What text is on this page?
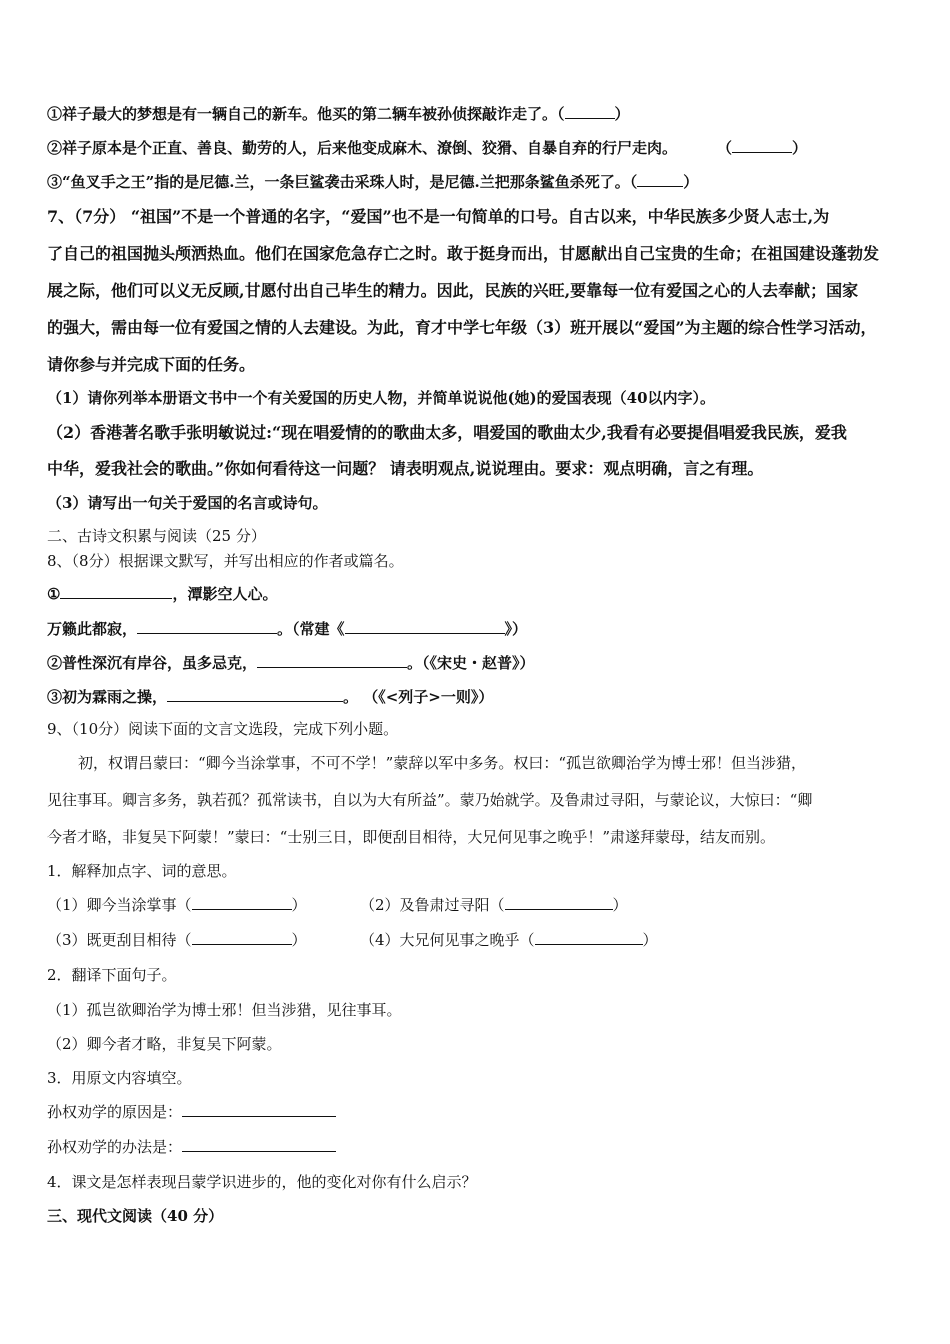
①祥子最大的梦想是有一辆自己的新车。他买的第二辆车被孙侦探敲诈走了。（	）
②祥子原本是个正直、善良、勤劳的人，后来他变成麻木、潦倒、狡猾、自暴自弃的行尸走肉。	（	）
③“鱼叉手之王”指的是尼德.兰，一条巨鲨袭击采珠人时，是尼德.兰把那条鲨鱼杀死了。（	）
7、（7分） “祖国”不是一个普通的名字，“爱国”也不是一句简单的口号。自古以来，中华民族多少贤人志士,为
了自己的祖国抛头颅洒热血。他们在国家危急存亡之时。敢于挺身而出，甘愿献出自己宝贵的生命；在祖国建设蓬勃发
展之际，他们可以义无反顾,甘愿付出自己毕生的精力。因此，民族的兴旺,要靠每一位有爱国之心的人去奉献；国家
的强大，需由每一位有爱国之情的人去建设。为此，育才中学七年级（3）班开展以“爱国”为主题的综合性学习活动，
请你参与并完成下面的任务。
（1）请你列举本册语文书中一个有关爱国的历史人物，并简单说说他(她)的爱国表现（40以内字）。
（2）香港著名歌手张明敏说过:“现在唱爱情的的歌曲太多，唱爱国的歌曲太少,我看有必要提倡唱爱我民族，爱我
中华，爱我社会的歌曲。”你如何看待这一问题？ 请表明观点,说说理由。要求：观点明确，言之有理。
（3）请写出一句关于爱国的名言或诗句。
二、古诗文积累与阅读（25 分）
8、（8分）根据课文默写，并写出相应的作者或篇名。
①	，潭影空人心。
万籁此都寂，	。（常建《	》）
②普性深沉有岸谷，虽多忌克，	。（《宋史・赵普》）
③初为霖雨之操，	。 （《<列子>一则》）
9、（10分）阅读下面的文言文选段，完成下列小题。
初，权谓吕蒙曰：“卿今当涂掌事，不可不学！”蒙辞以军中多务。权曰：“孤岂欲卿治学为博士邪！但当涉猎，
见往事耳。卿言多务，孰若孤？孤常读书，自以为大有所益”。蒙乃始就学。及鲁肃过寻阳，与蒙论议，大惊曰：“卿
今者才略，非复吴下阿蒙！”蒙曰：“士别三日，即便刮目相待，大兄何见事之晚乎！”肃遂拜蒙母，结友而别。
1．解释加点字、词的意思。
（1）卿今当涂掌事（	）	（2）及鲁肃过寻阳（	）
（3）既更刮目相待（	）	（4）大兄何见事之晚乎（	）
2．翻译下面句子。
（1）孤岂欲卿治学为博士邪！但当涉猎，见往事耳。
（2）卿今者才略，非复吴下阿蒙。
3．用原文内容填空。
孙权劝学的原因是：
孙权劝学的办法是：
4．课文是怎样表现吕蒙学识进步的，他的变化对你有什么启示？
三、现代文阅读（40 分）
